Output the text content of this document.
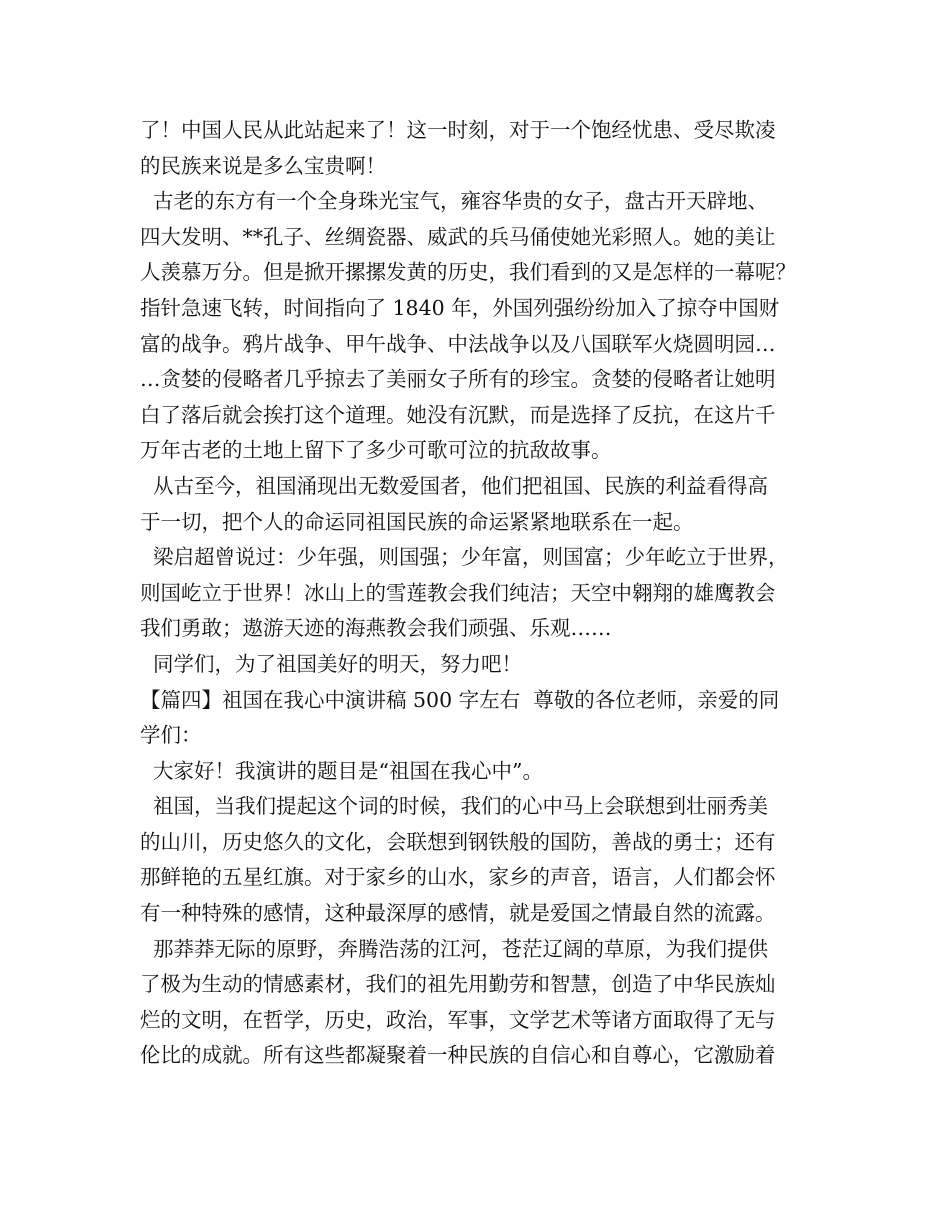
了！中国人民从此站起来了！这一时刻，对于一个饱经忧患、受尽欺凌
的民族来说是多么宝贵啊！
古老的东方有一个全身珠光宝气，雍容华贵的女子，盘古开天辟地、
四大发明、**孔子、丝绸瓷器、威武的兵马俑使她光彩照人。她的美让
人羡慕万分。但是掀开摞摞发黄的历史，我们看到的又是怎样的一幕呢？
指针急速飞转，时间指向了 1840 年，外国列强纷纷加入了掠夺中国财
富的战争。鸦片战争、甲午战争、中法战争以及八国联军火烧圆明园…
…贪婪的侵略者几乎掠去了美丽女子所有的珍宝。贪婪的侵略者让她明
白了落后就会挨打这个道理。她没有沉默，而是选择了反抗，在这片千
万年古老的土地上留下了多少可歌可泣的抗敌故事。
从古至今，祖国涌现出无数爱国者，他们把祖国、民族的利益看得高
于一切，把个人的命运同祖国民族的命运紧紧地联系在一起。
梁启超曾说过：少年强，则国强；少年富，则国富；少年屹立于世界，
则国屹立于世界！冰山上的雪莲教会我们纯洁；天空中翱翔的雄鹰教会
我们勇敢；遨游天迹的海燕教会我们顽强、乐观……
同学们，为了祖国美好的明天，努力吧！
【篇四】祖国在我心中演讲稿 500 字左右  尊敬的各位老师，亲爱的同
学们：
大家好！我演讲的题目是“祖国在我心中”。
祖国，当我们提起这个词的时候，我们的心中马上会联想到壮丽秀美
的山川，历史悠久的文化，会联想到钢铁般的国防，善战的勇士；还有
那鲜艳的五星红旗。对于家乡的山水，家乡的声音，语言，人们都会怀
有一种特殊的感情，这种最深厚的感情，就是爱国之情最自然的流露。
那莽莽无际的原野，奔腾浩荡的江河，苍茫辽阔的草原，为我们提供
了极为生动的情感素材，我们的祖先用勤劳和智慧，创造了中华民族灿
烂的文明，在哲学，历史，政治，军事，文学艺术等诸方面取得了无与
伦比的成就。所有这些都凝聚着一种民族的自信心和自尊心，它激励着
